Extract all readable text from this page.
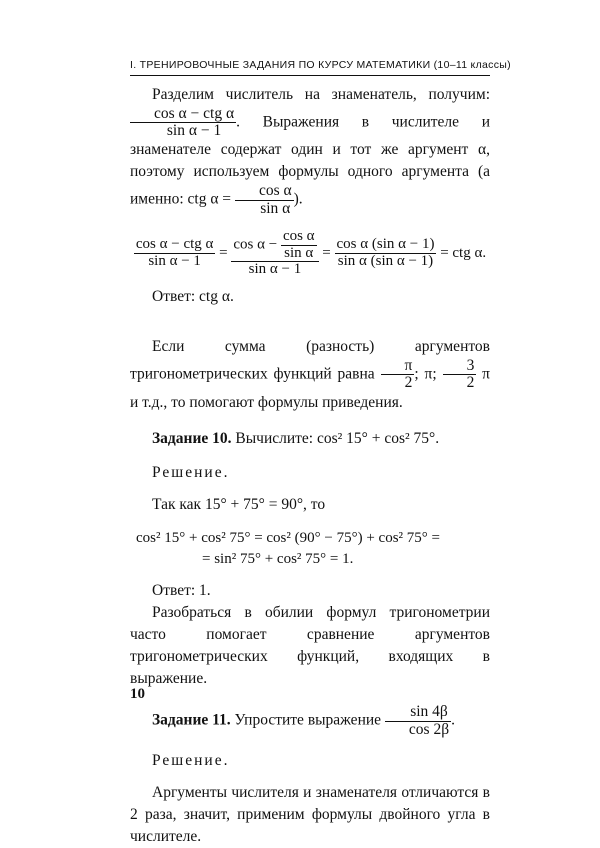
I. ТРЕНИРОВОЧНЫЕ ЗАДАНИЯ ПО КУРСУ МАТЕМАТИКИ (10–11 классы)

Разделим числитель на знаменатель, получим:
$\frac{\text{cos α − ctg α}}{\text{sin α − 1}}$ . Выражения в числителе и знаменателе содержат один и тот же аргумент α, поэтому используем формулы одного аргумента (а именно: ctg $\alpha = \frac{\text{cos α}}{\text{sin α}}$ ).

$\frac{\text{cos α − ctg α}}{\text{sin α − 1}} = \frac{\cos \alpha - \frac{\text{cos α}}{\text{sin α}}}{\text{sin α − 1}} = \frac{\text{cos α (sin α − 1)}}{\text{sin α (sin α − 1)}}$ = ctg α.

Ответ: ctg α.

Если сумма (разность) аргументов тригонометрических функций равна $\frac{\pi}{2}$ ; π; $\frac{3}{2}$ π и т.д., то помогают формулы приведения.

Задание 10. Вычислите: cos² 15° + cos² 75°.

Решение.

Так как 15° + 75° = 90°, то

cos² 15° + cos² 75° = cos² (90° − 75°) + cos² 75° =
= sin² 75° + cos² 75° = 1.

Ответ: 1.

Разобраться в обилии формул тригонометрии часто помогает сравнение аргументов тригонометрических функций, входящих в выражение.

Задание 11. Упростите выражение $\frac{\sin 4\beta}{\cos 2\beta}$ .

Решение.

Аргументы числителя и знаменателя отличаются в 2 раза, значит, применим формулы двойного угла в числителе.

10
